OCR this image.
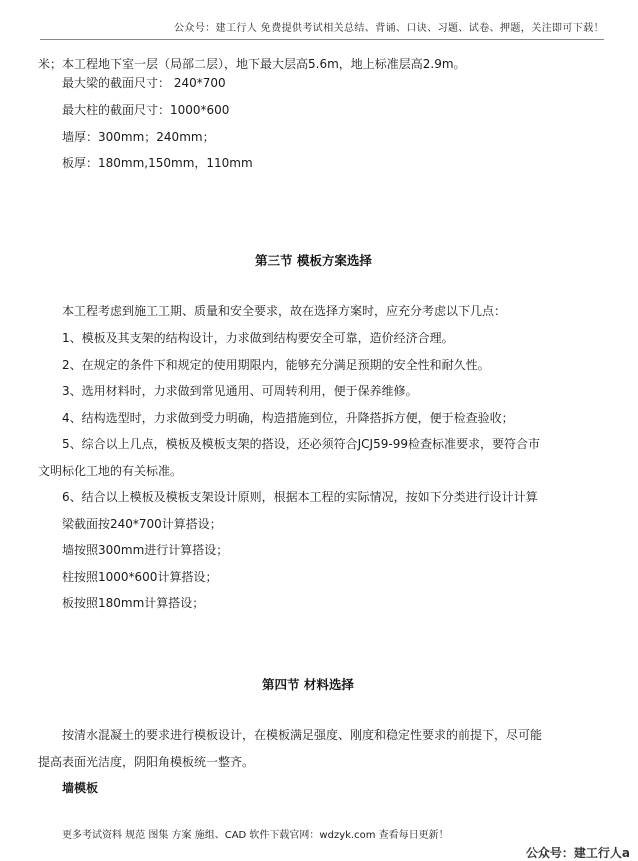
公众号：建工行人 免费提供考试相关总结、背诵、口诀、习题、试卷、押题，关注即可下载！
米；本工程地下室一层（局部二层），地下最大层高5.6m，地上标准层高2.9m。
最大梁的截面尺寸： 240*700
最大柱的截面尺寸：1000*600
墙厚：300mm；240mm；
板厚：180mm,150mm，110mm
第三节 模板方案选择
本工程考虑到施工工期、质量和安全要求，故在选择方案时，应充分考虑以下几点：
1、模板及其支架的结构设计，力求做到结构要安全可靠，造价经济合理。
2、在规定的条件下和规定的使用期限内，能够充分满足预期的安全性和耐久性。
3、选用材料时，力求做到常见通用、可周转利用，便于保养维修。
4、结构选型时，力求做到受力明确，构造措施到位，升降搭拆方便，便于检查验收；
5、综合以上几点，模板及模板支架的搭设，还必须符合JCJ59-99检查标准要求，要符合市
文明标化工地的有关标准。
6、结合以上模板及模板支架设计原则，根据本工程的实际情况，按如下分类进行设计计算
梁截面按240*700计算搭设；
墙按照300mm进行计算搭设；
柱按照1000*600计算搭设；
板按照180mm计算搭设；
第四节 材料选择
按清水混凝土的要求进行模板设计，在模板满足强度、刚度和稳定性要求的前提下，尽可能
提高表面光洁度，阴阳角模板统一整齐。
墙模板
更多考试资料 规范 图集 方案 施组、CAD 软件下载官网：wdzyk.com 查看每日更新！
公众号：建工行人a
